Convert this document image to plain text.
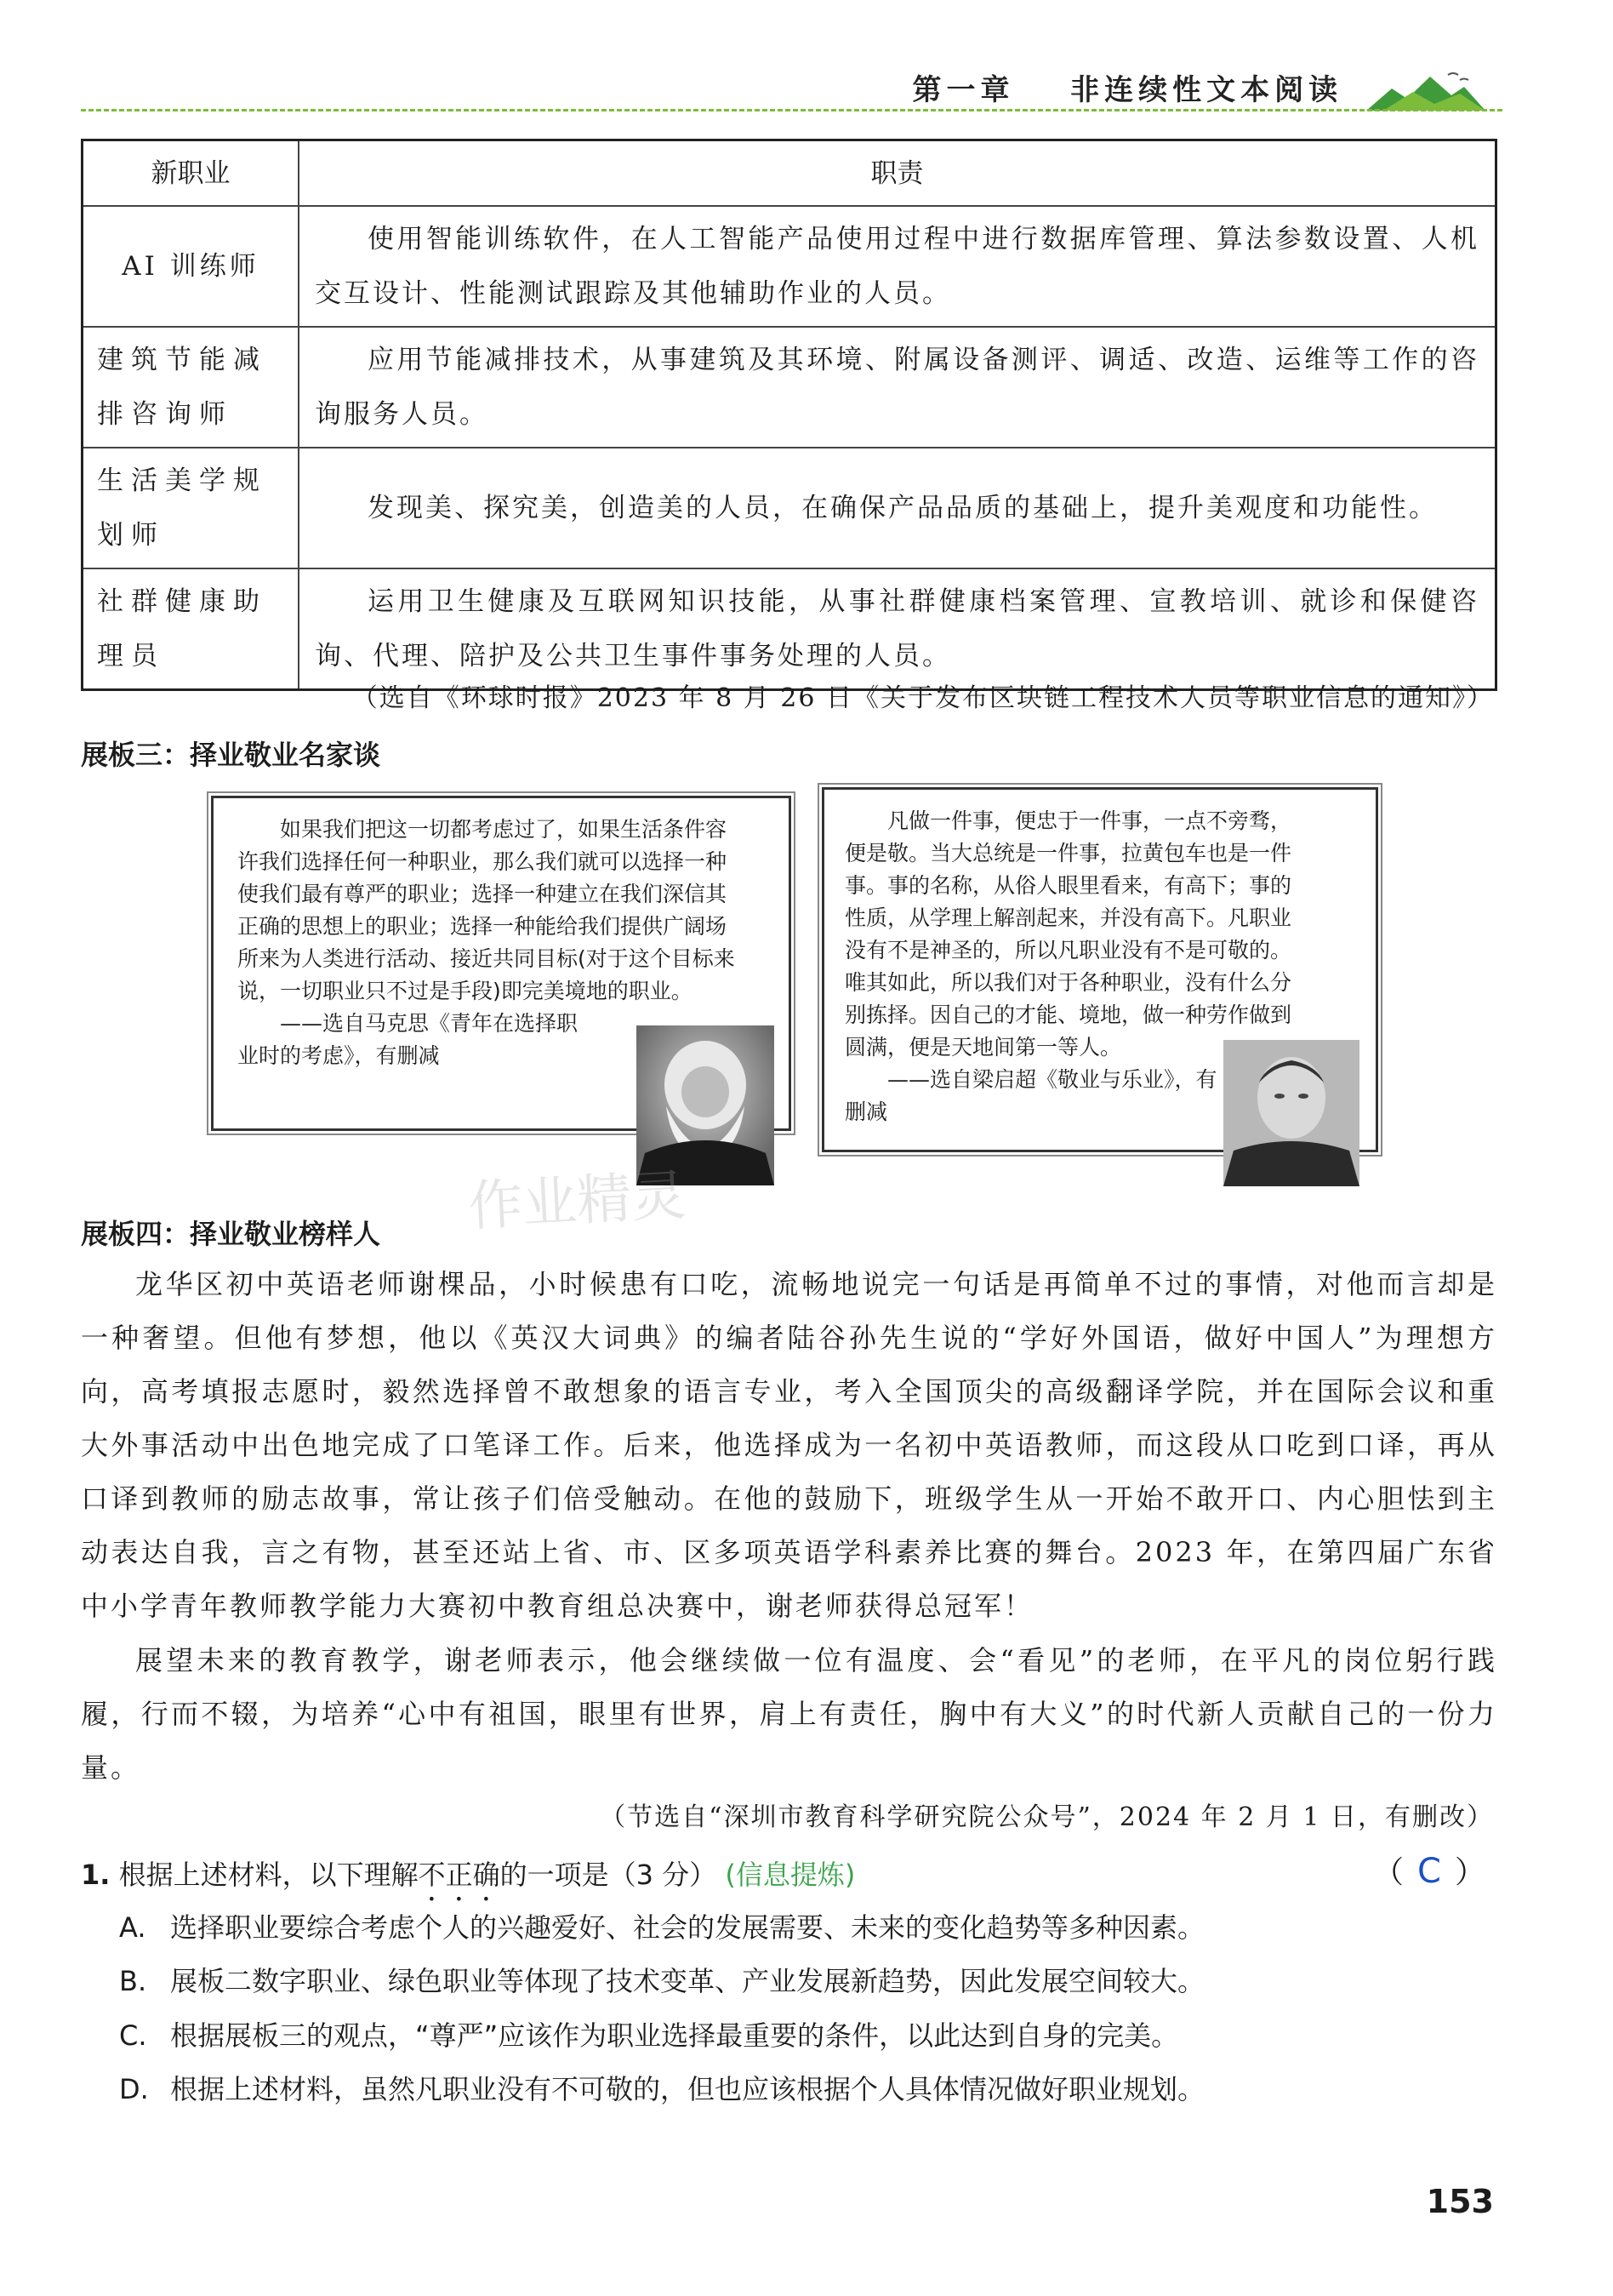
第一章 非连续性文本阅读
新职业	职责
AI 训练师	使用智能训练软件，在人工智能产品使用过程中进行数据库管理、算法参数设置、人机交互设计、性能测试跟踪及其他辅助作业的人员。
建筑节能减排咨询师	应用节能减排技术，从事建筑及其环境、附属设备测评、调适、改造、运维等工作的咨询服务人员。
生活美学规划师	发现美、探究美，创造美的人员，在确保产品品质的基础上，提升美观度和功能性。
社群健康助理员	运用卫生健康及互联网知识技能，从事社群健康档案管理、宣教培训、就诊和保健咨询、代理、陪护及公共卫生事件事务处理的人员。
（选自《环球时报》2023 年 8 月 26 日《关于发布区块链工程技术人员等职业信息的通知》）
展板三：择业敬业名家谈

如果我们把这一切都考虑过了，如果生活条件容许我们选择任何一种职业，那么我们就可以选择一种使我们最有尊严的职业；选择一种建立在我们深信其正确的思想上的职业；选择一种能给我们提供广阔场所来为人类进行活动、接近共同目标(对于这个目标来说，一切职业只不过是手段)即完美境地的职业。

——选自马克思《青年在选择职业时的考虑》，有删减

凡做一件事，便忠于一件事，一点不旁骛，便是敬。当大总统是一件事，拉黄包车也是一件事。事的名称，从俗人眼里看来，有高下；事的性质，从学理上解剖起来，并没有高下。凡职业没有不是神圣的，所以凡职业没有不是可敬的。唯其如此，所以我们对于各种职业，没有什么分别拣择。因自己的才能、境地，做一种劳作做到圆满，便是天地间第一等人。

——选自梁启超《敬业与乐业》，有删减

展板四：择业敬业榜样人
龙华区初中英语老师谢棵品，小时候患有口吃，流畅地说完一句话是再简单不过的事情，对他而言却是一种奢望。但他有梦想，他以《英汉大词典》的编者陆谷孙先生说的“学好外国语，做好中国人”为理想方向，高考填报志愿时，毅然选择曾不敢想象的语言专业，考入全国顶尖的高级翻译学院，并在国际会议和重大外事活动中出色地完成了口笔译工作。后来，他选择成为一名初中英语教师，而这段从口吃到口译，再从口译到教师的励志故事，常让孩子们倍受触动。在他的鼓励下，班级学生从一开始不敢开口、内心胆怯到主动表达自我，言之有物，甚至还站上省、市、区多项英语学科素养比赛的舞台。2023 年，在第四届广东省中小学青年教师教学能力大赛初中教育组总决赛中，谢老师获得总冠军！
展望未来的教育教学，谢老师表示，他会继续做一位有温度、会“看见”的老师，在平凡的岗位躬行践履，行而不辍，为培养“心中有祖国，眼里有世界，肩上有责任，胸中有大义”的时代新人贡献自己的一份力量。
（节选自“深圳市教育科学研究院公众号”，2024 年 2 月 1 日，有删改）
作业精灵
1. 根据上述材料，以下理解不正确的一项是（3 分） (信息提炼)	（ C ）
A. 选择职业要综合考虑个人的兴趣爱好、社会的发展需要、未来的变化趋势等多种因素。
B. 展板二数字职业、绿色职业等体现了技术变革、产业发展新趋势，因此发展空间较大。
C. 根据展板三的观点，“尊严”应该作为职业选择最重要的条件，以此达到自身的完美。
D. 根据上述材料，虽然凡职业没有不可敬的，但也应该根据个人具体情况做好职业规划。
153
